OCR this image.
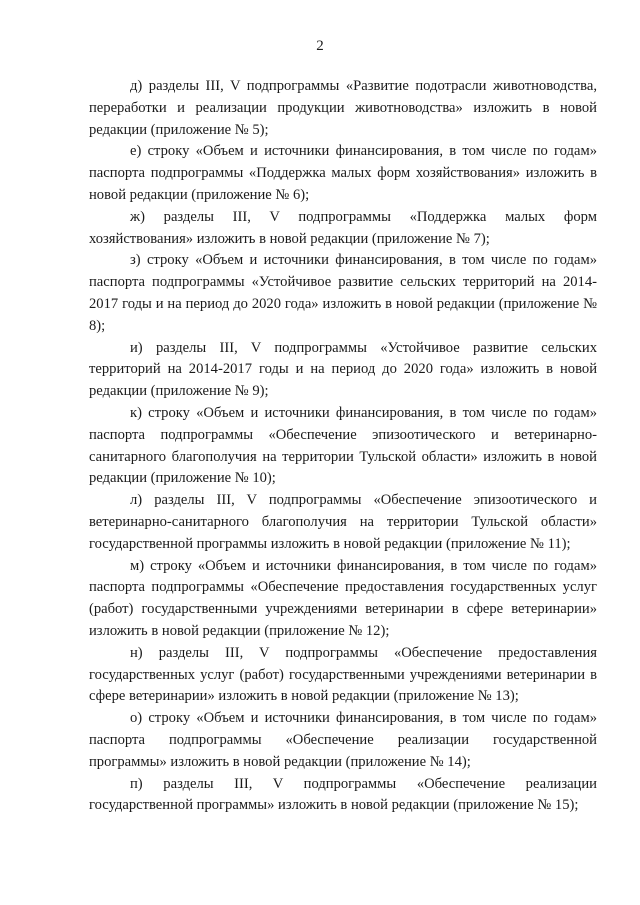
2

д) разделы III, V подпрограммы «Развитие подотрасли животноводства, переработки и реализации продукции животноводства» изложить в новой редакции (приложение № 5);

е) строку «Объем и источники финансирования, в том числе по годам» паспорта подпрограммы «Поддержка малых форм хозяйствования» изложить в новой редакции (приложение № 6);

ж) разделы III, V подпрограммы «Поддержка малых форм хозяйствования» изложить в новой редакции (приложение № 7);

з) строку «Объем и источники финансирования, в том числе по годам» паспорта подпрограммы «Устойчивое развитие сельских территорий на 2014-2017 годы и на период до 2020 года» изложить в новой редакции (приложение № 8);

и) разделы III, V подпрограммы «Устойчивое развитие сельских территорий на 2014-2017 годы и на период до 2020 года» изложить в новой редакции (приложение № 9);

к) строку «Объем и источники финансирования, в том числе по годам» паспорта подпрограммы «Обеспечение эпизоотического и ветеринарно-санитарного благополучия на территории Тульской области» изложить в новой редакции (приложение № 10);

л) разделы III, V подпрограммы «Обеспечение эпизоотического и ветеринарно-санитарного благополучия на территории Тульской области» государственной программы изложить в новой редакции (приложение № 11);

м) строку «Объем и источники финансирования, в том числе по годам» паспорта подпрограммы «Обеспечение предоставления государственных услуг (работ) государственными учреждениями ветеринарии в сфере ветеринарии» изложить в новой редакции (приложение № 12);

н) разделы III, V подпрограммы «Обеспечение предоставления государственных услуг (работ) государственными учреждениями ветеринарии в сфере ветеринарии» изложить в новой редакции (приложение № 13);

о) строку «Объем и источники финансирования, в том числе по годам» паспорта подпрограммы «Обеспечение реализации государственной программы» изложить в новой редакции (приложение № 14);

п) разделы III, V подпрограммы «Обеспечение реализации государственной программы» изложить в новой редакции (приложение № 15);
